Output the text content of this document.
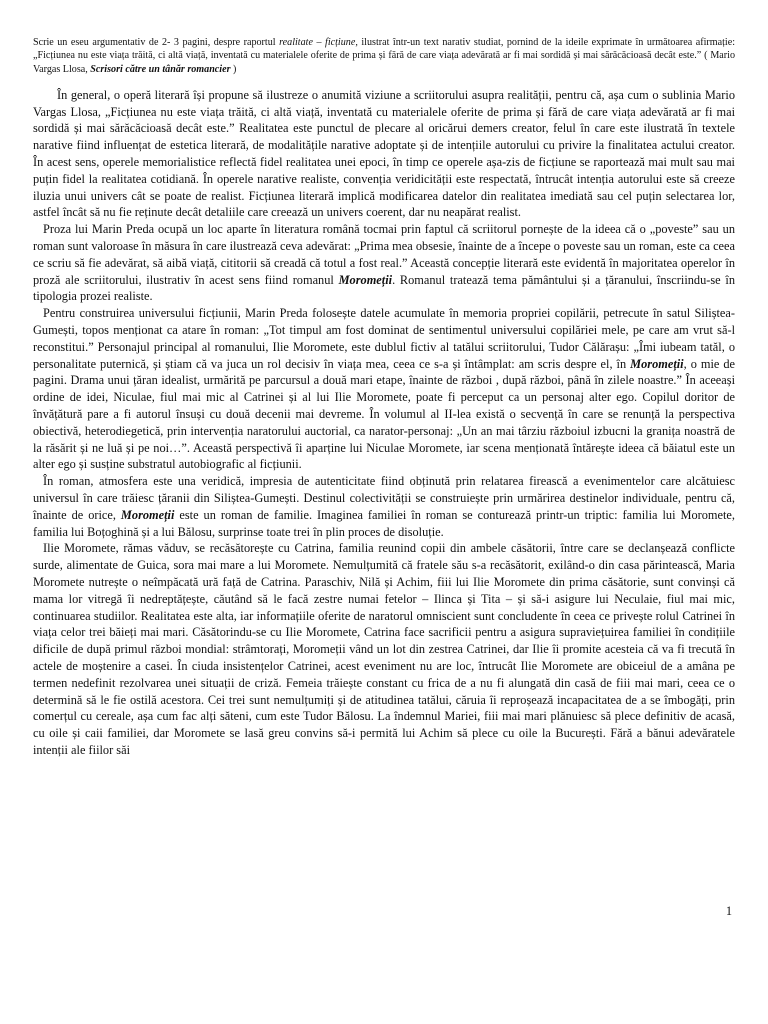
Scrie un eseu argumentativ de 2- 3 pagini, despre raportul realitate – ficțiune, ilustrat într-un text narativ studiat, pornind de la ideile exprimate în următoarea afirmație: „Ficțiunea nu este viața trăită, ci altă viață, inventată cu materialele oferite de prima și fără de care viața adevărată ar fi mai sordidă și mai sărăcăcioasă decât este.” ( Mario Vargas Llosa, Scrisori către un tânăr romancier )

În general, o operă literară își propune să ilustreze o anumită viziune a scriitorului asupra realității, pentru că, așa cum o sublinia Mario Vargas Llosa, „Ficțiunea nu este viața trăită, ci altă viață, inventată cu materialele oferite de prima și fără de care viața adevărată ar fi mai sordidă și mai sărăcăcioasă decât este.” Realitatea este punctul de plecare al oricărui demers creator, felul în care este ilustrată în textele narative fiind influențat de estetica literară, de modalitățile narative adoptate și de intențiile autorului cu privire la finalitatea actului creator. În acest sens, operele memorialistice reflectă fidel realitatea unei epoci, în timp ce operele așa-zis de ficțiune se raportează mai mult sau mai puțin fidel la realitatea cotidiană. În operele narative realiste, convenția veridicității este respectată, întrucât intenția autorului este să creeze iluzia unui univers cât se poate de realist. Ficțiunea literară implică modificarea datelor din realitatea imediată sau cel puțin selectarea lor, astfel încât să nu fie reținute decât detaliile care creează un univers coerent, dar nu neapărat realist.

Proza lui Marin Preda ocupă un loc aparte în literatura română tocmai prin faptul că scriitorul pornește de la ideea că o „poveste” sau un roman sunt valoroase în măsura în care ilustrează ceva adevărat: „Prima mea obsesie, înainte de a începe o poveste sau un roman, este ca ceea ce scriu să fie adevărat, să aibă viață, cititorii să creadă că totul a fost real.” Această concepție literară este evidentă în majoritatea operelor în proză ale scriitorului, ilustrativ în acest sens fiind romanul Moromeții. Romanul tratează tema pământului și a țăranului, înscriindu-se în tipologia prozei realiste.

Pentru construirea universului ficțiunii, Marin Preda folosește datele acumulate în memoria propriei copilării, petrecute în satul Siliștea-Gumești, topos menționat ca atare în roman: „Tot timpul am fost dominat de sentimentul universului copilăriei mele, pe care am vrut să-l reconstitui.” Personajul principal al romanului, Ilie Moromete, este dublul fictiv al tatălui scriitorului, Tudor Călărașu: „Îmi iubeam tatăl, o personalitate puternică, și știam că va juca un rol decisiv în viața mea, ceea ce s-a și întâmplat: am scris despre el, în Moromeții, o mie de pagini. Drama unui țăran idealist, urmărită pe parcursul a două mari etape, înainte de război , după război, până în zilele noastre.” În aceeași ordine de idei, Niculae, fiul mai mic al Catrinei și al lui Ilie Moromete, poate fi perceput ca un personaj alter ego. Copilul doritor de învățătură pare a fi autorul însuși cu două decenii mai devreme. În volumul al II-lea există o secvență în care se renunță la perspectiva obiectivă, heterodiegetică, prin intervenția naratorului auctorial, ca narator-personaj: „Un an mai târziu războiul izbucni la granița noastră de la răsărit și ne luă și pe noi…”. Această perspectivă îi aparține lui Niculae Moromete, iar scena menționată întărește ideea că băiatul este un alter ego și susține substratul autobiografic al ficțiunii.

În roman, atmosfera este una veridică, impresia de autenticitate fiind obținută prin relatarea firească a evenimentelor care alcătuiesc universul în care trăiesc țăranii din Siliștea-Gumești. Destinul colectivității se construiește prin urmărirea destinelor individuale, pentru că, înainte de orice, Moromeții este un roman de familie. Imaginea familiei în roman se conturează printr-un triptic: familia lui Moromete, familia lui Boțoghină și a lui Bălosu, surprinse toate trei în plin proces de disoluție.

Ilie Moromete, rămas văduv, se recăsătorește cu Catrina, familia reunind copii din ambele căsătorii, între care se declanșează conflicte surde, alimentate de Guica, sora mai mare a lui Moromete. Nemulțumită că fratele său s-a recăsătorit, exilând-o din casa părintească, Maria Moromete nutrește o neîmpăcată ură față de Catrina. Paraschiv, Nilă și Achim, fiii lui Ilie Moromete din prima căsătorie, sunt convinși că mama lor vitregă îi nedreptățește, căutând să le facă zestre numai fetelor – Ilinca și Tita – și să-i asigure lui Neculaie, fiul mai mic, continuarea studiilor. Realitatea este alta, iar informațiile oferite de naratorul omniscient sunt concludente în ceea ce privește rolul Catrinei în viața celor trei băieți mai mari. Căsătorindu-se cu Ilie Moromete, Catrina face sacrificii pentru a asigura supraviețuirea familiei în condițiile dificile de după primul război mondial: strâmtorați, Moromeții vând un lot din zestrea Catrinei, dar Ilie îi promite acesteia că va fi trecută în actele de moștenire a casei. În ciuda insistențelor Catrinei, acest eveniment nu are loc, întrucât Ilie Moromete are obiceiul de a amâna pe termen nedefinit rezolvarea unei situații de criză. Femeia trăiește constant cu frica de a nu fi alungată din casă de fiii mai mari, ceea ce o determină să le fie ostilă acestora. Cei trei sunt nemulțumiți și de atitudinea tatălui, căruia îi reproșează incapacitatea de a se îmbogăți, prin comerțul cu cereale, așa cum fac alți săteni, cum este Tudor Bălosu. La îndemnul Mariei, fiii mai mari plănuiesc să plece definitiv de acasă, cu oile și caii familiei, dar Moromete se lasă greu convins să-i permită lui Achim să plece cu oile la București. Fără a bănui adevăratele intenții ale fiilor săi

1
